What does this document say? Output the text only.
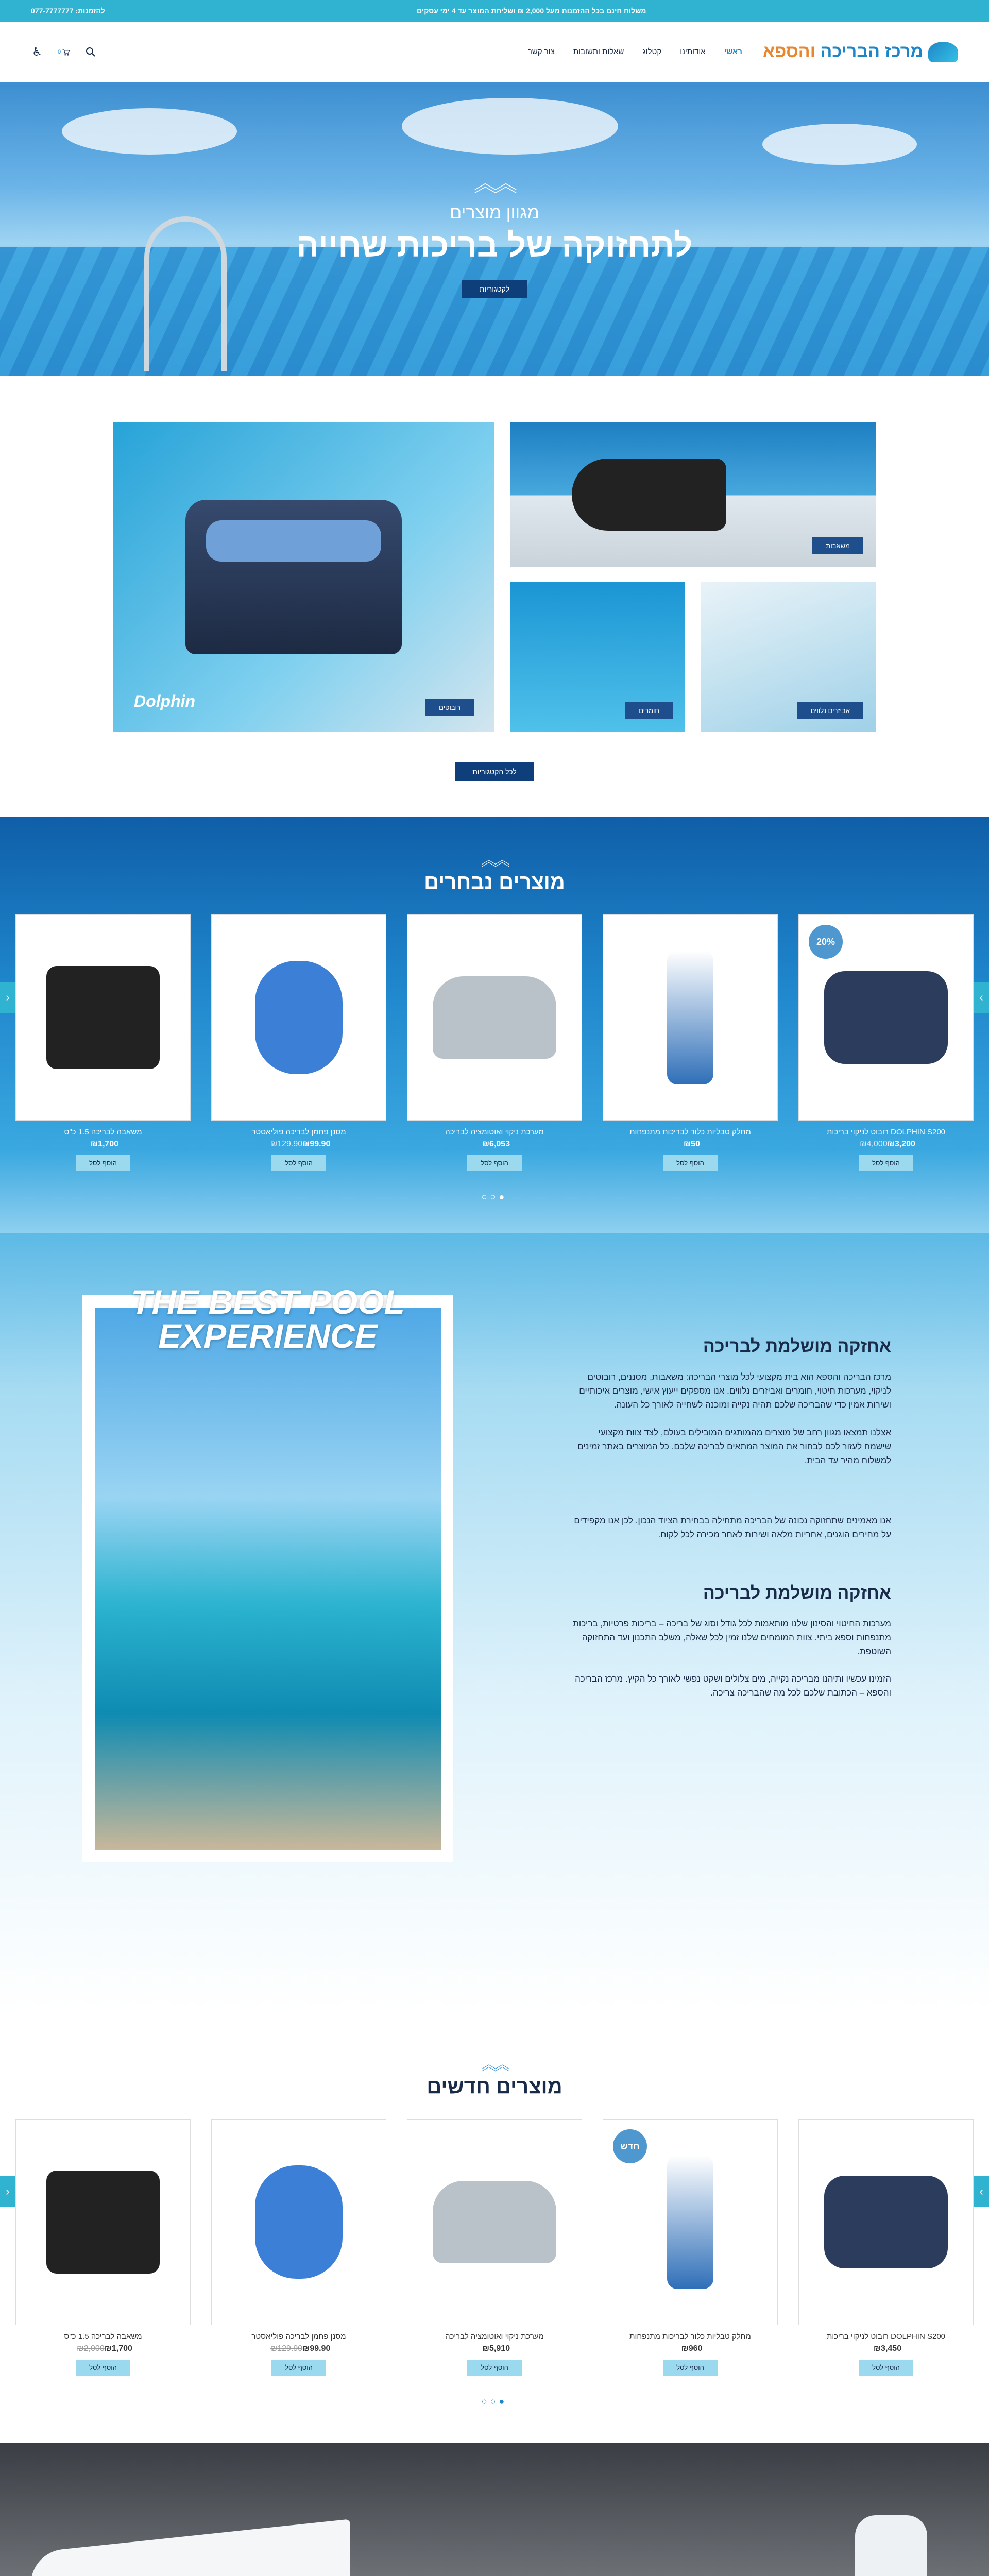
משלוח חינם בכל ההזמנות מעל 2,000 ₪ ושליחת המוצר עד 4 ימי עסקים
להזמנות: 077-7777777
מרכז הבריכה והספא
ראשי
אודותינו
קטלוג
שאלות ותשובות
צור קשר
0
♿
︽︽
מגוון מוצרים
לתחזוקה של בריכות שחייה
לקטגוריות
Dolphin	רובוטים
משאבות
חומרים	אביזרים נלווים
לכל הקטגוריות
︽︽
מוצרים נבחרים
‹	›
משאבה לבריכה 1.5 כ"ס
₪1,700
הוסף לסל
מסנן פחמן לבריכה פוליאסטר
₪129.90₪99.90
הוסף לסל
מערכת ניקוי ואוטומציה לבריכה
₪6,053
הוסף לסל
מחלק טבליות כלור לבריכות מתנפחות
₪50
הוסף לסל
20%
רובוט לניקוי בריכות DOLPHIN S200
₪4,000₪3,200
הוסף לסל
●○○
THE BEST POOL EXPERIENCE	אחזקה מושלמת לבריכה

מרכז הבריכה והספא הוא בית מקצועי לכל מוצרי הבריכה: משאבות, מסננים, רובוטים לניקוי, מערכות חיטוי, חומרים ואביזרים נלווים. אנו מספקים ייעוץ אישי, מוצרים איכותיים ושירות אמין כדי שהבריכה שלכם תהיה נקייה ומוכנה לשחייה לאורך כל העונה.

אצלנו תמצאו מגוון רחב של מוצרים מהמותגים המובילים בעולם, לצד צוות מקצועי שישמח לעזור לכם לבחור את המוצר המתאים לבריכה שלכם. כל המוצרים באתר זמינים למשלוח מהיר עד הבית.

אנו מאמינים שתחזוקה נכונה של הבריכה מתחילה בבחירת הציוד הנכון. לכן אנו מקפידים על מחירים הוגנים, אחריות מלאה ושירות לאחר מכירה לכל לקוח.

אחזקה מושלמת לבריכה

מערכות החיטוי והסינון שלנו מותאמות לכל גודל וסוג של בריכה – בריכות פרטיות, בריכות מתנפחות וספא ביתי. צוות המומחים שלנו זמין לכל שאלה, משלב התכנון ועד התחזוקה השוטפת.

הזמינו עכשיו ותיהנו מבריכה נקייה, מים צלולים ושקט נפשי לאורך כל הקיץ. מרכז הבריכה והספא – הכתובת שלכם לכל מה שהבריכה צריכה.

︽︽
מוצרים חדשים
‹	›
משאבה לבריכה 1.5 כ"ס
₪2,000₪1,700
הוסף לסל
מסנן פחמן לבריכה פוליאסטר
₪129.90₪99.90
הוסף לסל
מערכת ניקוי ואוטומציה לבריכה
₪5,910
הוסף לסל
חדש
מחלק טבליות כלור לבריכות מתנפחות
₪960
הוסף לסל
רובוט לניקוי בריכות DOLPHIN S200
₪3,450
הוסף לסל
●○○
